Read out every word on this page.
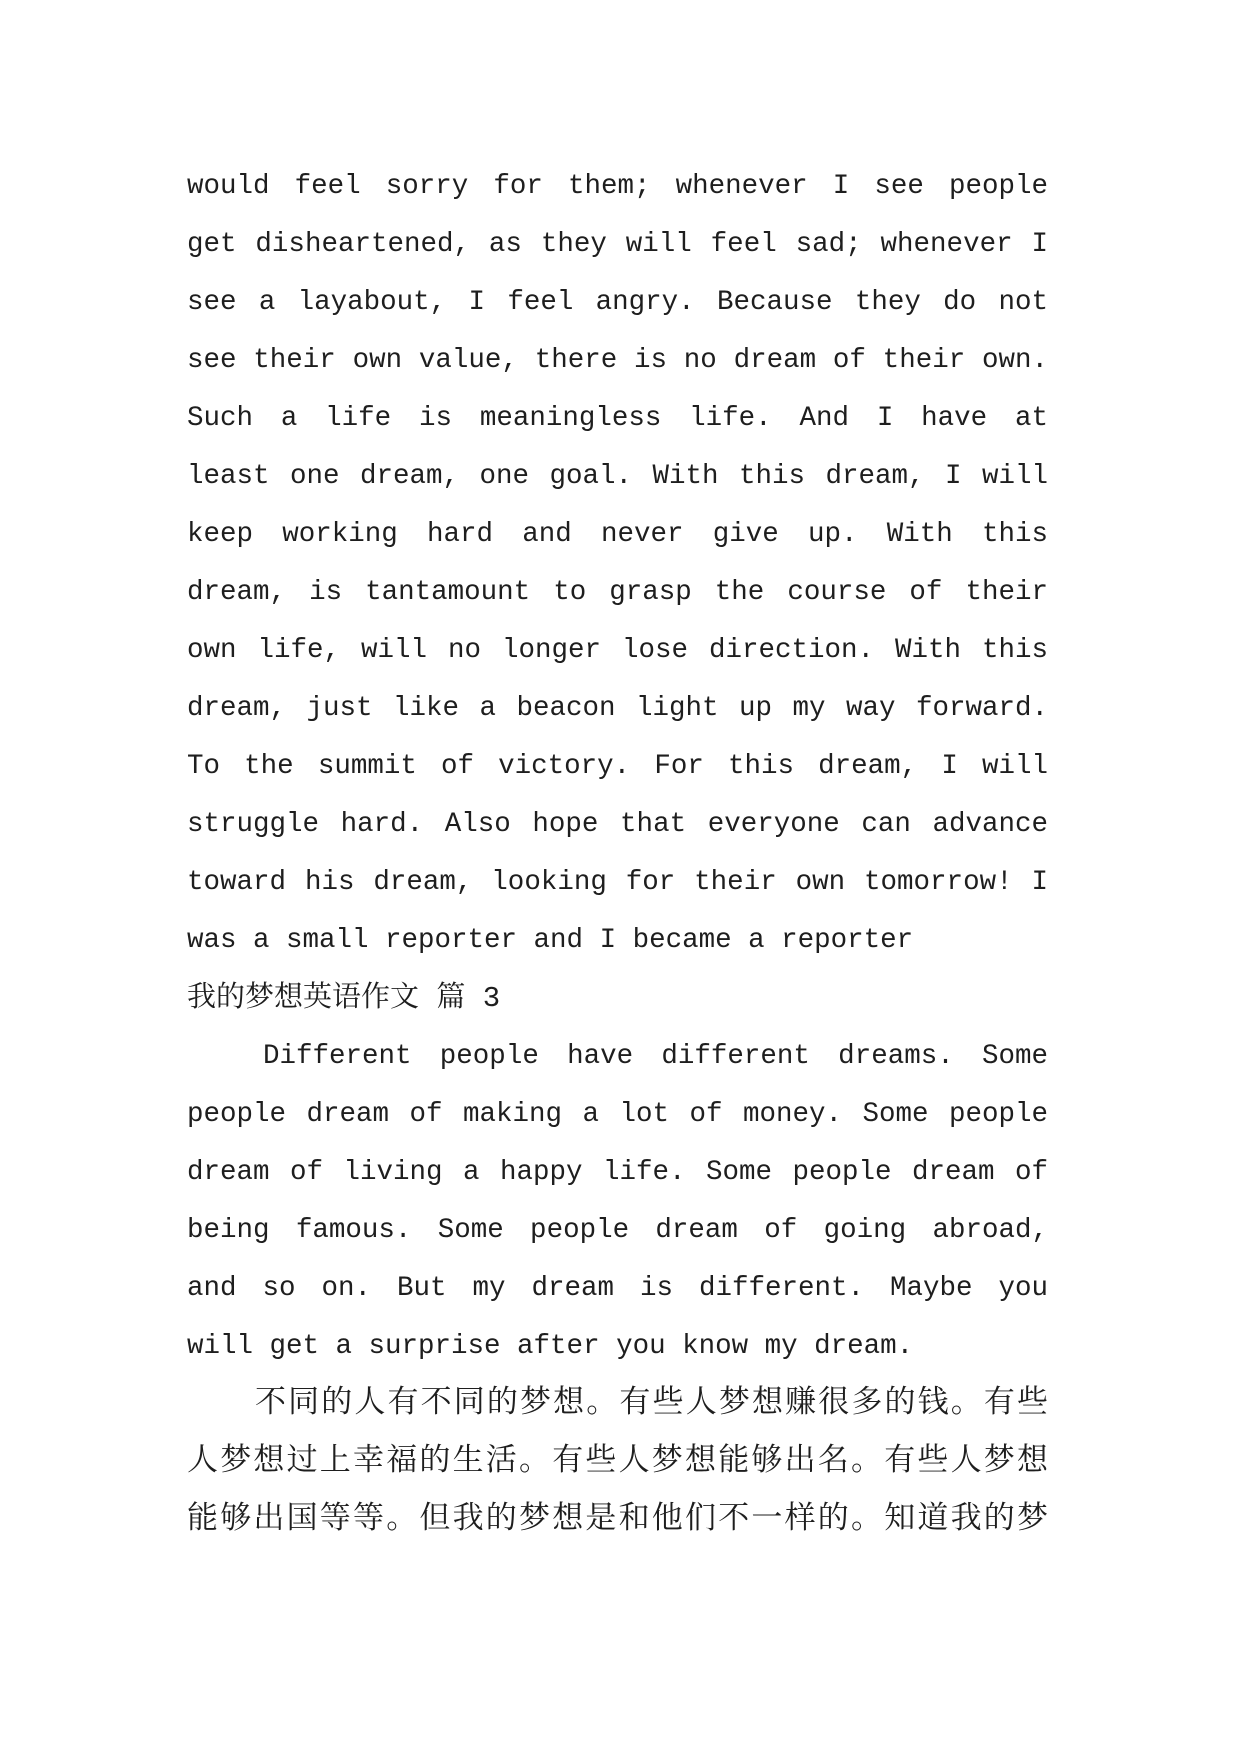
would feel sorry for them; whenever I see people
get disheartened, as they will feel sad; whenever I
see a layabout, I feel angry. Because they do not
see their own value, there is no dream of their own.
Such a life is meaningless life. And I have at
least one dream, one goal. With this dream, I will
keep working hard and never give up. With this
dream, is tantamount to grasp the course of their
own life, will no longer lose direction. With this
dream, just like a beacon light up my way forward.
To the summit of victory. For this dream, I will
struggle hard. Also hope that everyone can advance
toward his dream, looking for their own tomorrow! I
was a small reporter and I became a reporter
我的梦想英语作文 篇 3
Different people have different dreams. Some
people dream of making a lot of money. Some people
dream of living a happy life. Some people dream of
being famous. Some people dream of going abroad,
and so on. But my dream is different. Maybe you
will get a surprise after you know my dream.
不同的人有不同的梦想。有些人梦想赚很多的钱。有些
人梦想过上幸福的生活。有些人梦想能够出名。有些人梦想
能够出国等等。但我的梦想是和他们不一样的。知道我的梦
